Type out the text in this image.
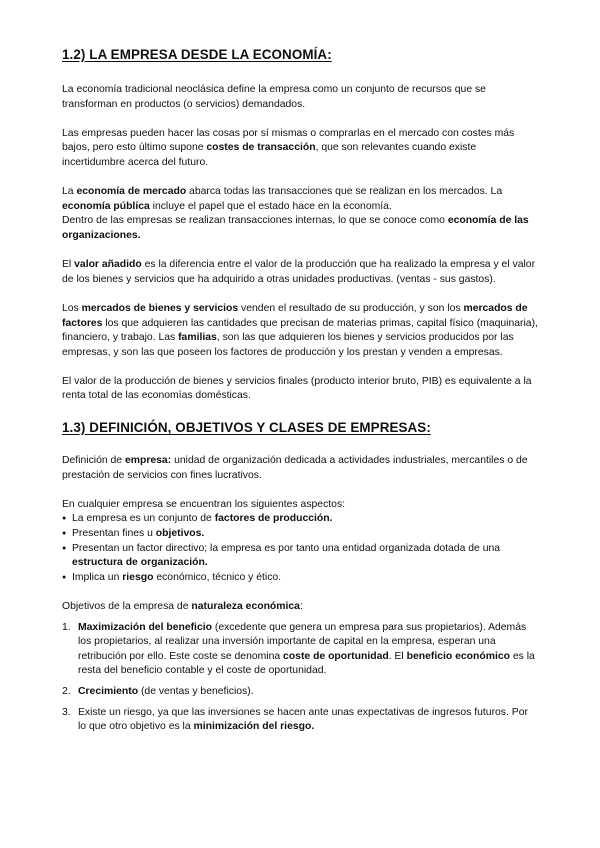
1.2) LA EMPRESA DESDE LA ECONOMÍA:

La economía tradicional neoclásica define la empresa como un conjunto de recursos que se transforman en productos (o servicios) demandados.

Las empresas pueden hacer las cosas por sí mismas o comprarlas en el mercado con costes más bajos, pero esto último supone costes de transacción, que son relevantes cuando existe incertidumbre acerca del futuro.

La economía de mercado abarca todas las transacciones que se realizan en los mercados. La economía pública incluye el papel que el estado hace en la economía.

Dentro de las empresas se realizan transacciones internas, lo que se conoce como economía de las organizaciones.

El valor añadido es la diferencia entre el valor de la producción que ha realizado la empresa y el valor de los bienes y servicios que ha adquirido a otras unidades productivas. (ventas - sus gastos).

Los mercados de bienes y servicios venden el resultado de su producción, y son los mercados de factores los que adquieren las cantidades que precisan de materias primas, capital físico (maquinaria), financiero, y trabajo. Las familias, son las que adquieren los bienes y servicios producidos por las empresas, y son las que poseen los factores de producción y los prestan y venden a empresas.

El valor de la producción de bienes y servicios finales (producto interior bruto, PIB) es equivalente a la renta total de las economías domésticas.

1.3) DEFINICIÓN, OBJETIVOS Y CLASES DE EMPRESAS:

Definición de empresa: unidad de organización dedicada a actividades industriales, mercantiles o de prestación de servicios con fines lucrativos.

En cualquier empresa se encuentran los siguientes aspectos:

● La empresa es un conjunto de factores de producción.
● Presentan fines u objetivos.
● Presentan un factor directivo; la empresa es por tanto una entidad organizada dotada de una estructura de organización.
● Implica un riesgo económico, técnico y ético.

Objetivos de la empresa de naturaleza económica:

1. Maximización del beneficio (excedente que genera un empresa para sus propietarios). Además los propietarios, al realizar una inversión importante de capital en la empresa, esperan una retribución por ello. Este coste se denomina coste de oportunidad. El beneficio económico es la resta del beneficio contable y el coste de oportunidad.
2. Crecimiento (de ventas y beneficios).
3. Existe un riesgo, ya que las inversiones se hacen ante unas expectativas de ingresos futuros. Por lo que otro objetivo es la minimización del riesgo.
